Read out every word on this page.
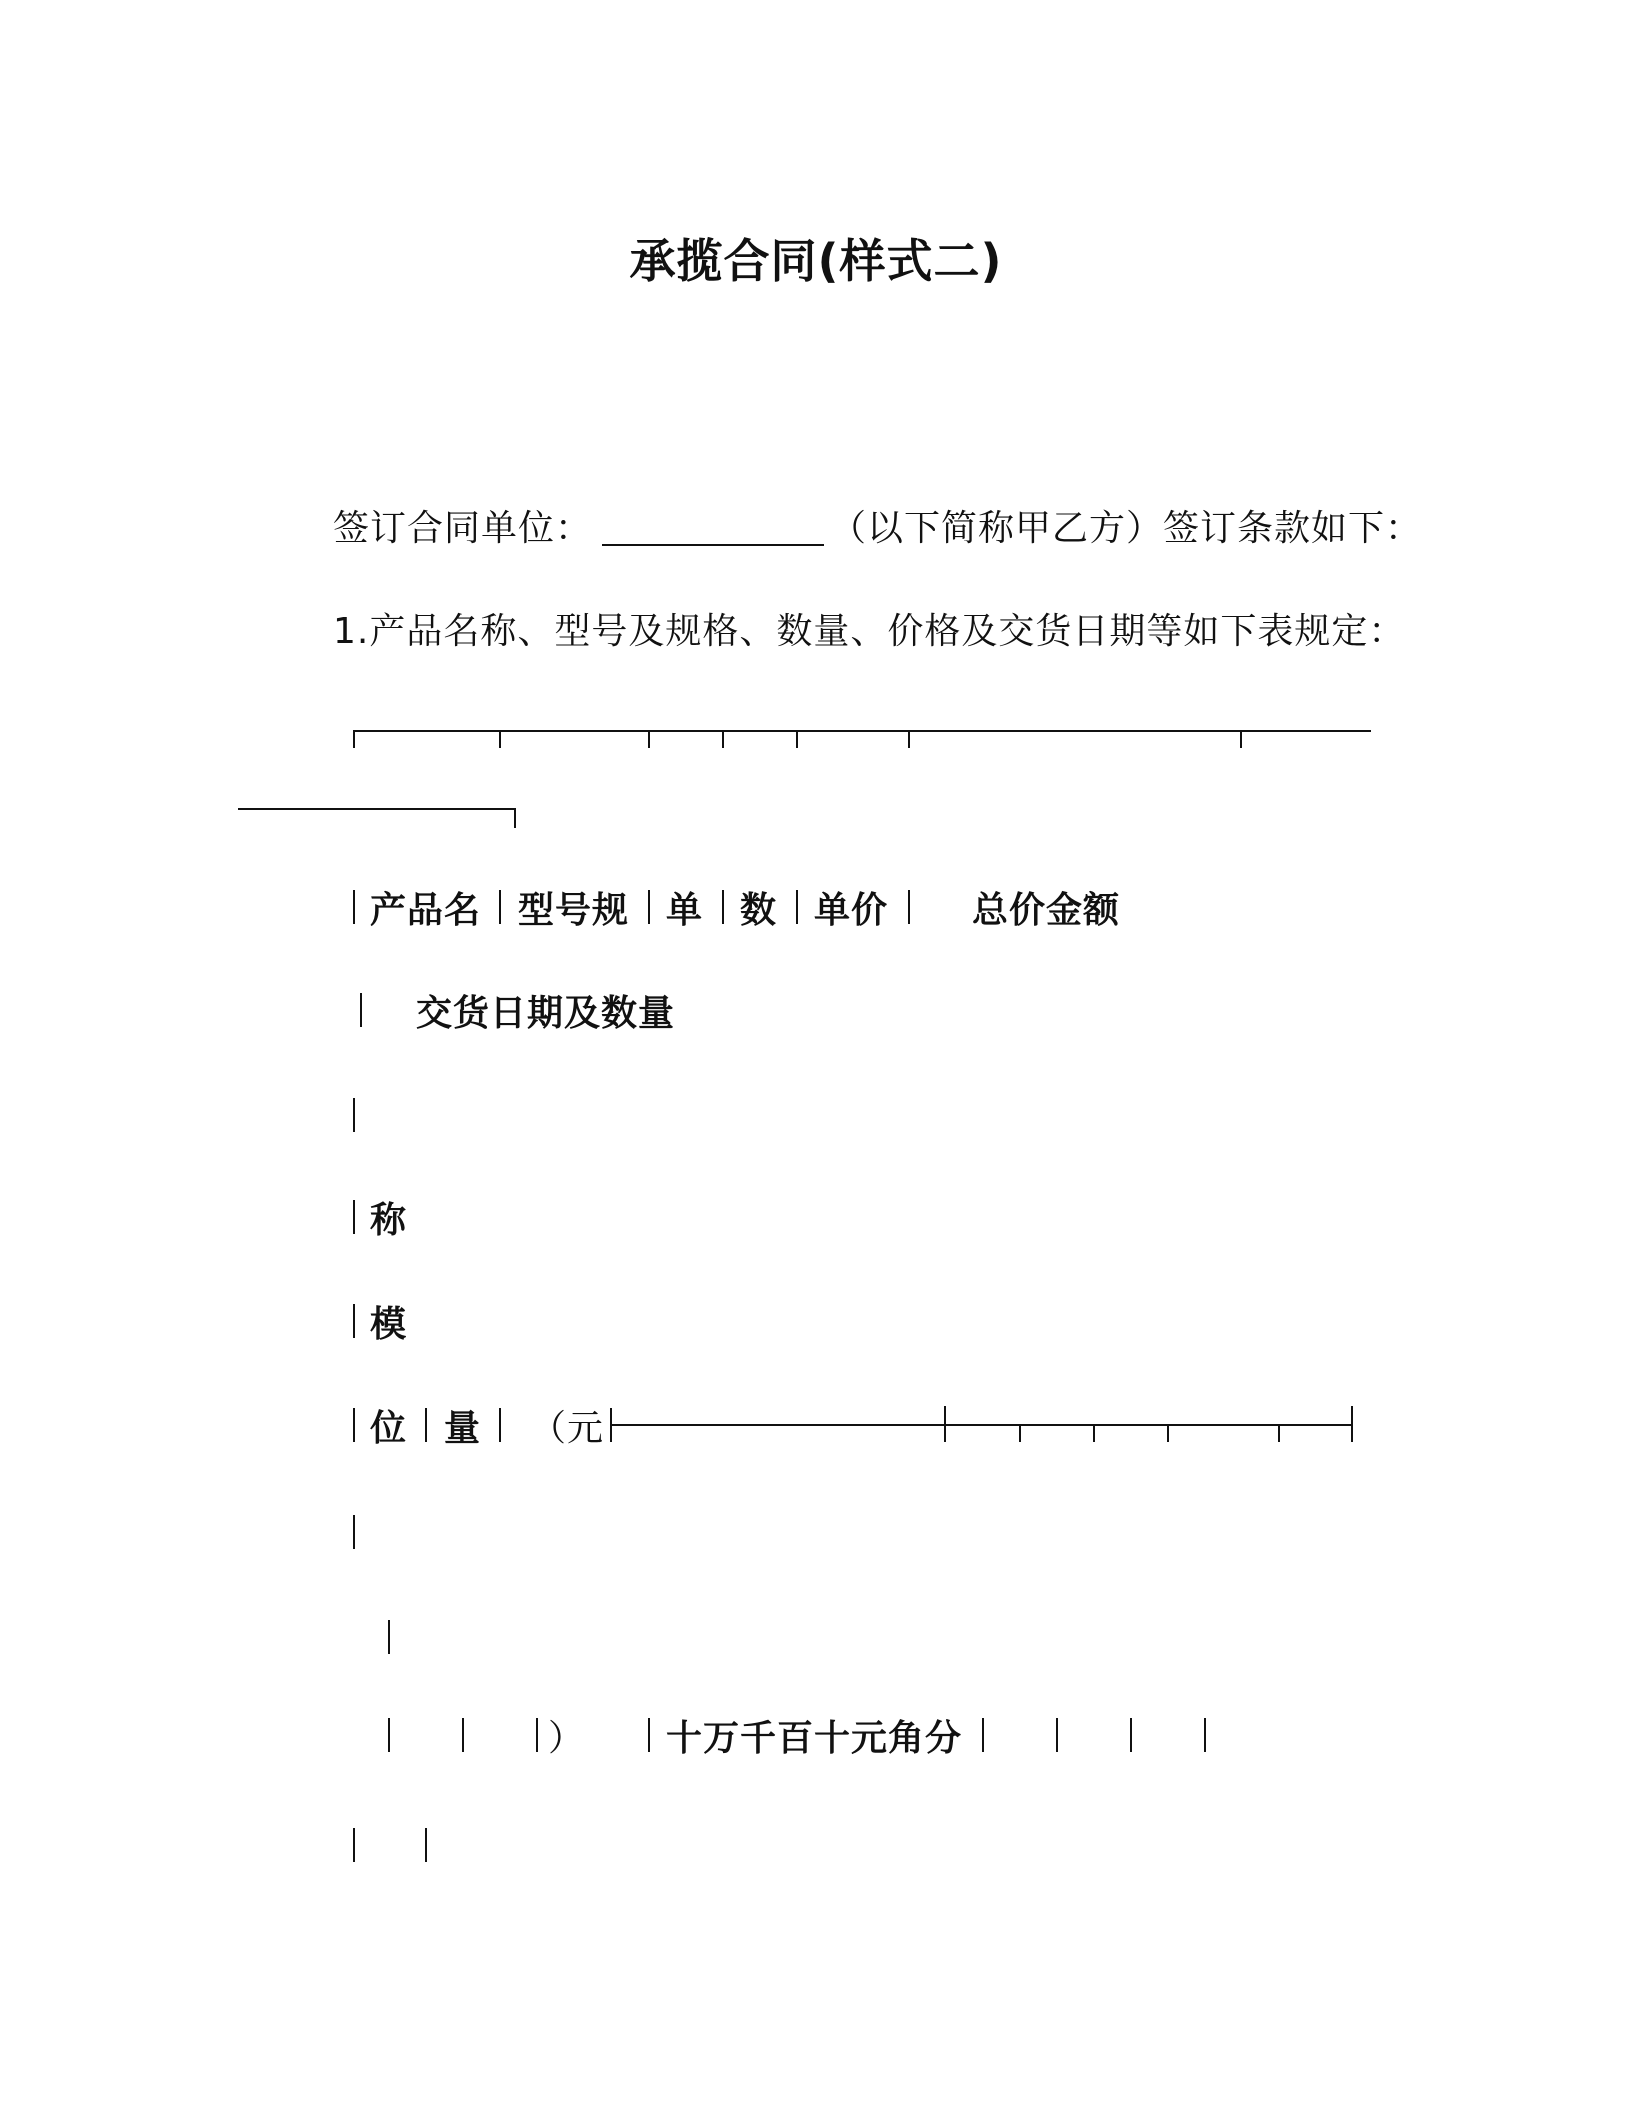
承揽合同(样式二)
签订合同单位：	（以下简称甲乙方）签订条款如下：
1.产品名称、型号及规格、数量、价格及交货日期等如下表规定：
产品名 型号规 单 数 单价 总价金额
交货日期及数量
称
模
位 量 （元
） 十万千百十元角分
